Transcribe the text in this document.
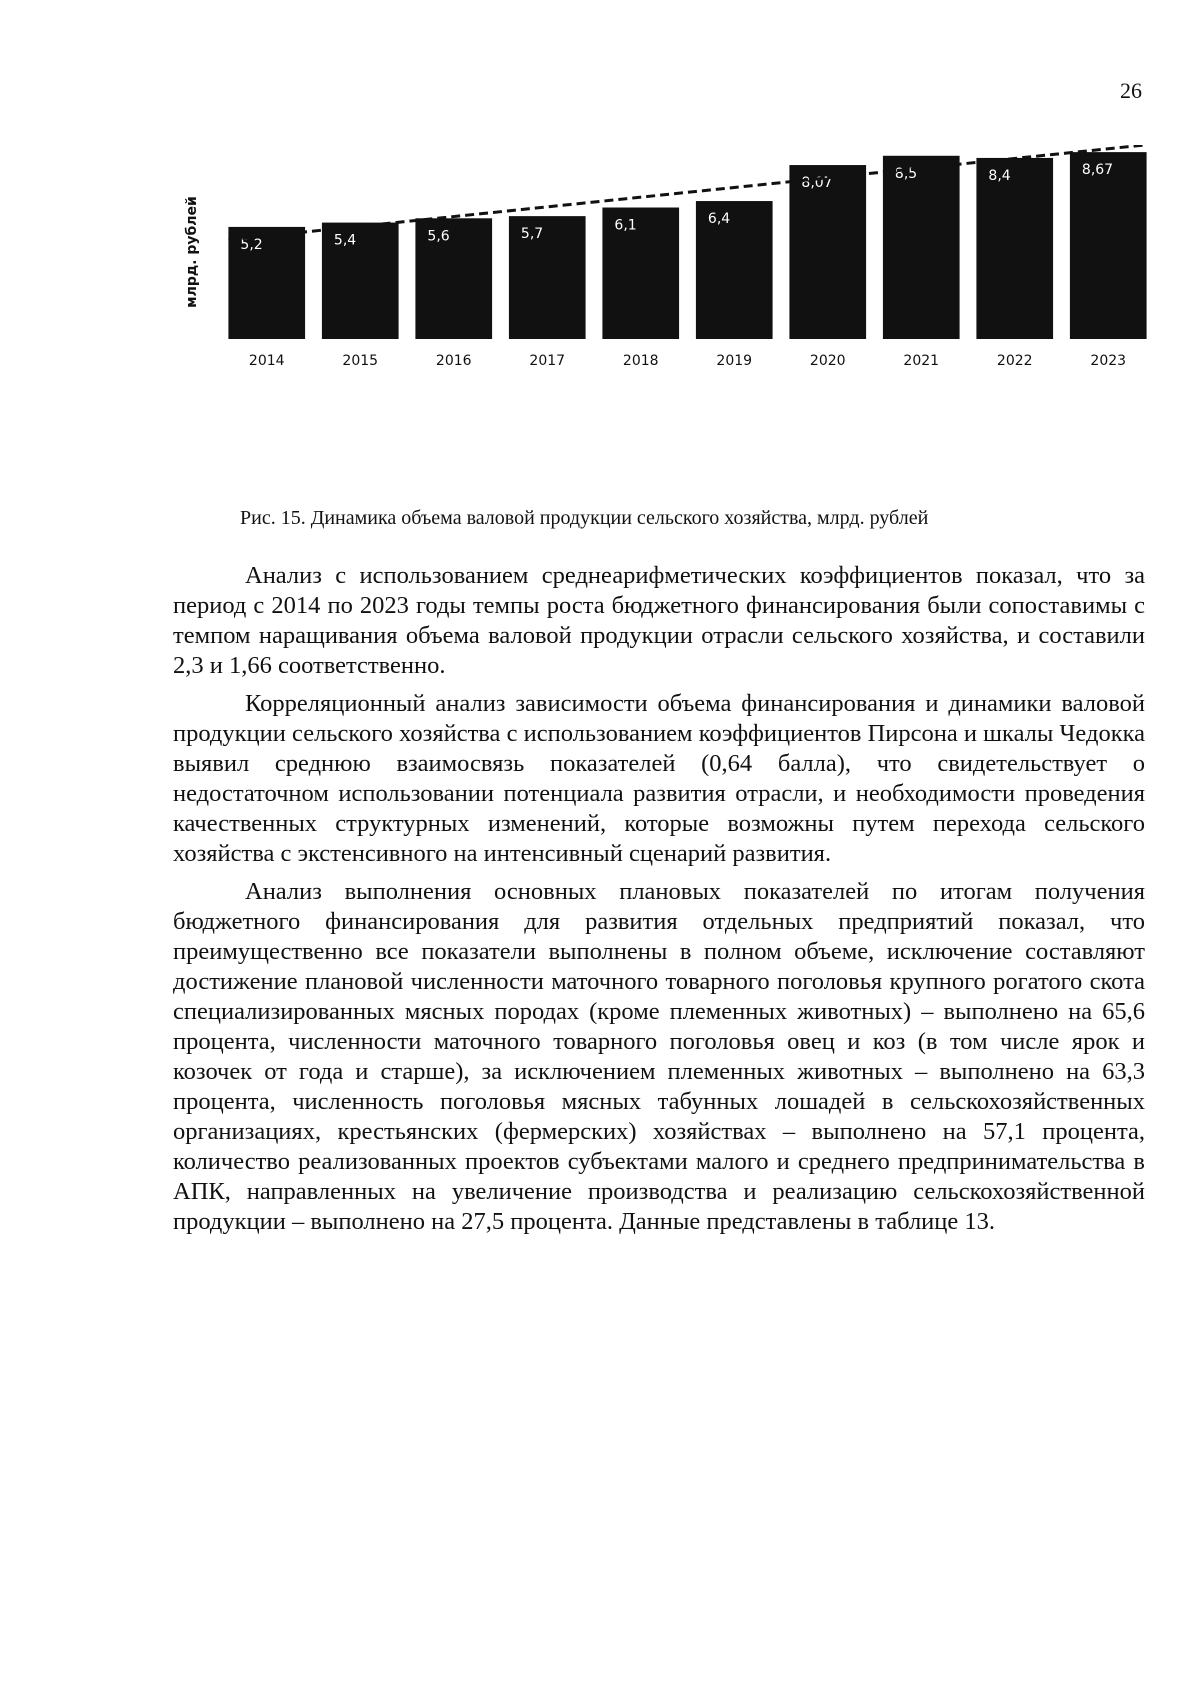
26
млрд. рублей	5,2
2014
5,4
2015
5,6
2016
5,7
2017
6,1
2018
6,4
2019
8,07
2020
8,5
2021
8,4
2022
8,67
2023
Рис. 15. Динамика объема валовой продукции сельского хозяйства, млрд. рублей

Анализ с использованием среднеарифметических коэффициентов показал, что за период с 2014 по 2023 годы темпы роста бюджетного финансирования были сопоставимы с темпом наращивания объема валовой продукции отрасли сельского хозяйства, и составили 2,3 и 1,66 соответственно.

Корреляционный анализ зависимости объема финансирования и динамики валовой продукции сельского хозяйства с использованием коэффициентов Пирсона и шкалы Чедокка выявил среднюю взаимосвязь показателей (0,64 балла), что свидетельствует о недостаточном использовании потенциала развития отрасли, и необходимости проведения качественных структурных изменений, которые возможны путем перехода сельского хозяйства с экстенсивного на интенсивный сценарий развития.

Анализ выполнения основных плановых показателей по итогам получения бюджетного финансирования для развития отдельных предприятий показал, что преимущественно все показатели выполнены в полном объеме, исключение составляют достижение плановой численности маточного товарного поголовья крупного рогатого скота специализированных мясных породах (кроме племенных животных) – выполнено на 65,6 процента, численности маточного товарного поголовья овец и коз (в том числе ярок и козочек от года и старше), за исключением племенных животных – выполнено на 63,3 процента, численность поголовья мясных табунных лошадей в сельскохозяйственных организациях, крестьянских (фермерских) хозяйствах – выполнено на 57,1 процента, количество реализованных проектов субъектами малого и среднего предпринимательства в АПК, направленных на увеличение производства и реализацию сельскохозяйственной продукции – выполнено на 27,5 процента. Данные представлены в таблице 13.
